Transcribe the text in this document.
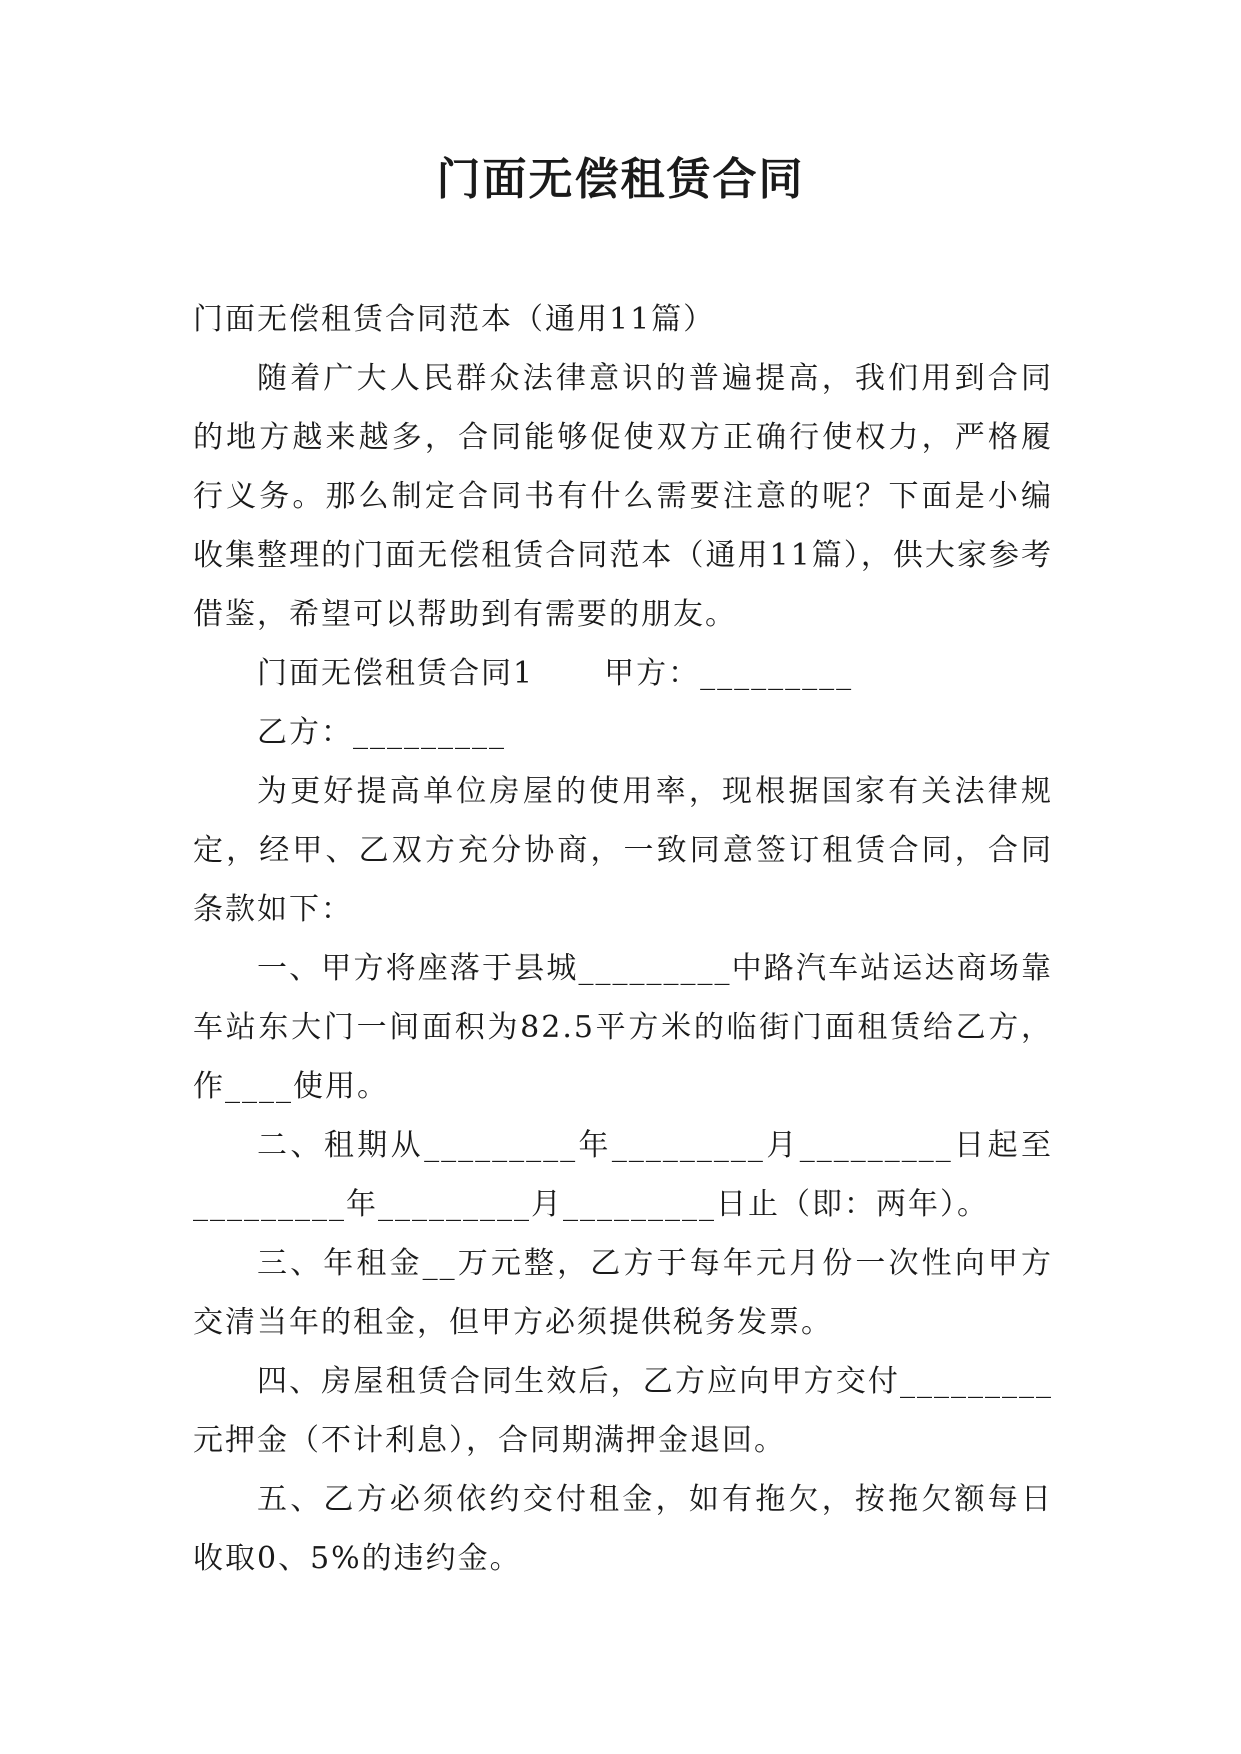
门面无偿租赁合同

门面无偿租赁合同范本（通用11篇）

随着广大人民群众法律意识的普遍提高，我们用到合同的地方越来越多，合同能够促使双方正确行使权力，严格履行义务。那么制定合同书有什么需要注意的呢？下面是小编收集整理的门面无偿租赁合同范本（通用11篇），供大家参考借鉴，希望可以帮助到有需要的朋友。

门面无偿租赁合同1 甲方：_________

乙方：_________

为更好提高单位房屋的使用率，现根据国家有关法律规定，经甲、乙双方充分协商，一致同意签订租赁合同，合同条款如下：

一、甲方将座落于县城_________中路汽车站运达商场靠车站东大门一间面积为82.5平方米的临街门面租赁给乙方，作____使用。

二、租期从_________年_________月_________日起至_________年_________月_________日止（即：两年）。

三、年租金__万元整，乙方于每年元月份一次性向甲方交清当年的租金，但甲方必须提供税务发票。

四、房屋租赁合同生效后，乙方应向甲方交付_________元押金（不计利息），合同期满押金退回。

五、乙方必须依约交付租金，如有拖欠，按拖欠额每日收取0、5%的违约金。
